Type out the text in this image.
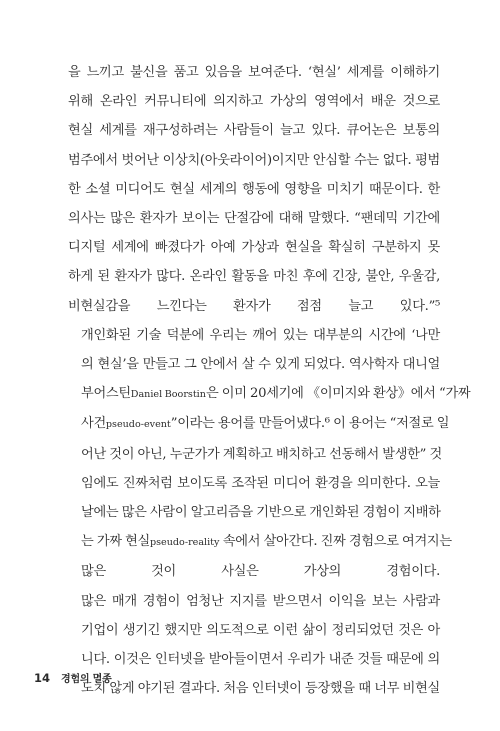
을 느끼고 불신을 품고 있음을 보여준다. ‘현실’ 세계를 이해하기
위해 온라인 커뮤니티에 의지하고 가상의 영역에서 배운 것으로
현실 세계를 재구성하려는 사람들이 늘고 있다. 큐어논은 보통의
범주에서 벗어난 이상치(아웃라이어)이지만 안심할 수는 없다. 평범
한 소셜 미디어도 현실 세계의 행동에 영향을 미치기 때문이다. 한
의사는 많은 환자가 보이는 단절감에 대해 말했다. “팬데믹 기간에
디지털 세계에 빠졌다가 아예 가상과 현실을 확실히 구분하지 못
하게 된 환자가 많다. 온라인 활동을 마친 후에 긴장, 불안, 우울감,
비현실감을 느낀다는 환자가 점점 늘고 있다.”⁵

개인화된 기술 덕분에 우리는 깨어 있는 대부분의 시간에 ‘나만
의 현실’을 만들고 그 안에서 살 수 있게 되었다. 역사학자 대니얼
부어스틴Daniel Boorstin은 이미 20세기에 《이미지와 환상》에서 “가짜
사건pseudo-event”이라는 용어를 만들어냈다.⁶ 이 용어는 “저절로 일
어난 것이 아닌, 누군가가 계획하고 배치하고 선동해서 발생한” 것
임에도 진짜처럼 보이도록 조작된 미디어 환경을 의미한다. 오늘
날에는 많은 사람이 알고리즘을 기반으로 개인화된 경험이 지배하
는 가짜 현실pseudo-reality 속에서 살아간다. 진짜 경험으로 여겨지는
많은 것이 사실은 가상의 경험이다.

많은 매개 경험이 엄청난 지지를 받으면서 이익을 보는 사람과
기업이 생기긴 했지만 의도적으로 이런 삶이 정리되었던 것은 아
니다. 이것은 인터넷을 받아들이면서 우리가 내준 것들 때문에 의
도치 않게 야기된 결과다. 처음 인터넷이 등장했을 때 너무 비현실

14 경험의 멸종
